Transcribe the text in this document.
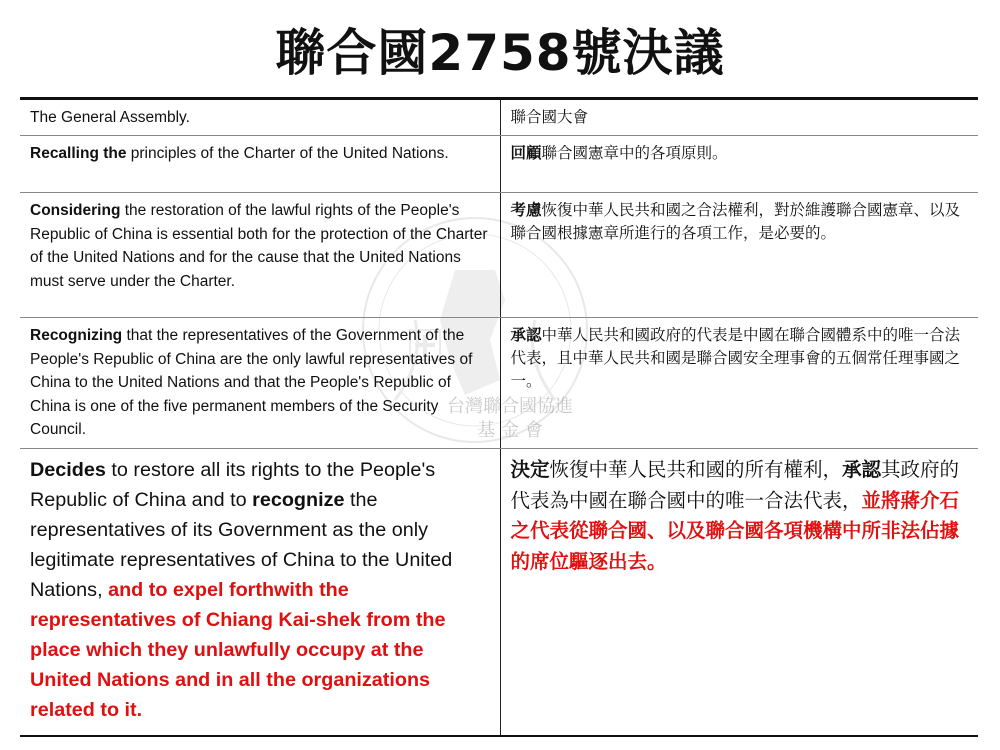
聯合國2758號決議
台灣聯合國協進
基 金 會
The General Assembly.	聯合國大會
Recalling the principles of the Charter of the United Nations.	回顧聯合國憲章中的各項原則。
Considering the restoration of the lawful rights of the People's Republic of China is essential both for the protection of the Charter of the United Nations and for the cause that the United Nations must serve under the Charter.	考慮恢復中華人民共和國之合法權利，對於維護聯合國憲章、以及聯合國根據憲章所進行的各項工作，是必要的。
Recognizing that the representatives of the Government of the People's Republic of China are the only lawful representatives of China to the United Nations and that the People's Republic of China is one of the five permanent members of the Security Council.	承認中華人民共和國政府的代表是中國在聯合國體系中的唯一合法代表，且中華人民共和國是聯合國安全理事會的五個常任理事國之一。
Decides to restore all its rights to the People's Republic of China and to recognize the representatives of its Government as the only legitimate representatives of China to the United Nations, and to expel forthwith the representatives of Chiang Kai-shek from the place which they unlawfully occupy at the United Nations and in all the organizations related to it.	決定恢復中華人民共和國的所有權利，承認其政府的代表為中國在聯合國中的唯一合法代表，並將蔣介石之代表從聯合國、以及聯合國各項機構中所非法佔據的席位驅逐出去。
